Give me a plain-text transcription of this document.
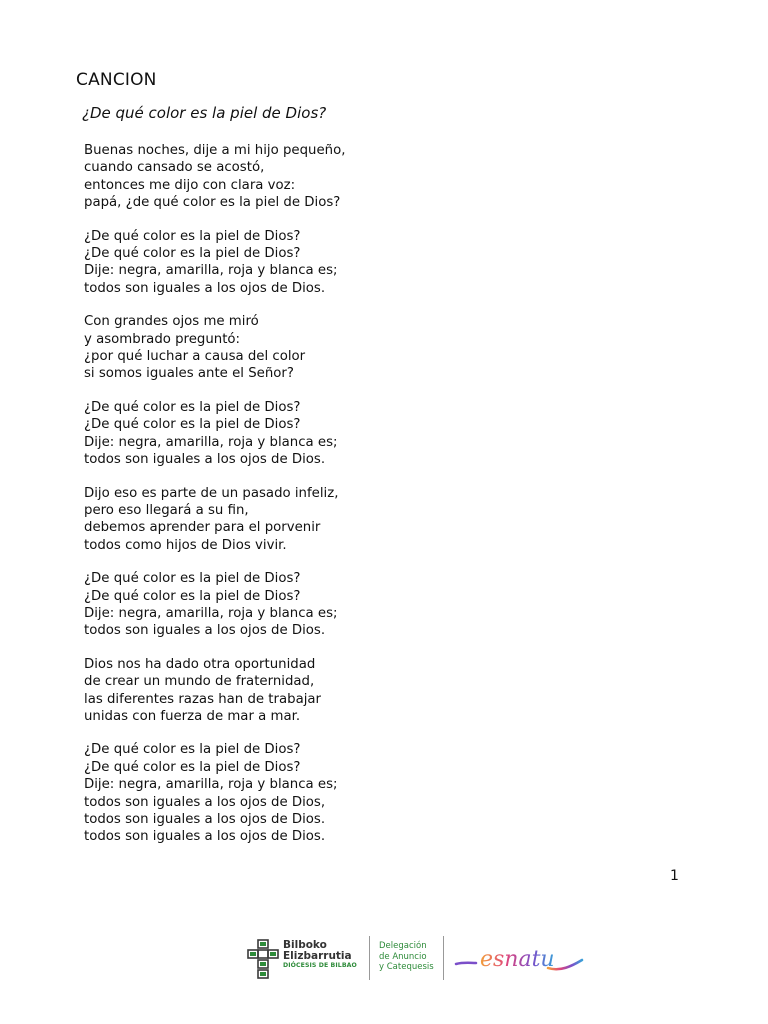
CANCION
¿De qué color es la piel de Dios?
Buenas noches, dije a mi hijo pequeño,
cuando cansado se acostó,
entonces me dijo con clara voz:
papá, ¿de qué color es la piel de Dios?
¿De qué color es la piel de Dios?
¿De qué color es la piel de Dios?
Dije: negra, amarilla, roja y blanca es;
todos son iguales a los ojos de Dios.
Con grandes ojos me miró
y asombrado preguntó:
¿por qué luchar a causa del color
si somos iguales ante el Señor?
¿De qué color es la piel de Dios?
¿De qué color es la piel de Dios?
Dije: negra, amarilla, roja y blanca es;
todos son iguales a los ojos de Dios.
Dijo eso es parte de un pasado infeliz,
pero eso llegará a su fin,
debemos aprender para el porvenir
todos como hijos de Dios vivir.
¿De qué color es la piel de Dios?
¿De qué color es la piel de Dios?
Dije: negra, amarilla, roja y blanca es;
todos son iguales a los ojos de Dios.
Dios nos ha dado otra oportunidad
de crear un mundo de fraternidad,
las diferentes razas han de trabajar
unidas con fuerza de mar a mar.
¿De qué color es la piel de Dios?
¿De qué color es la piel de Dios?
Dije: negra, amarilla, roja y blanca es;
todos son iguales a los ojos de Dios,
todos son iguales a los ojos de Dios.
todos son iguales a los ojos de Dios.
1
Bilboko
Elizbarrutia
DIÓCESIS DE BILBAO
Delegación
de Anuncio
y Catequesis esnatu
